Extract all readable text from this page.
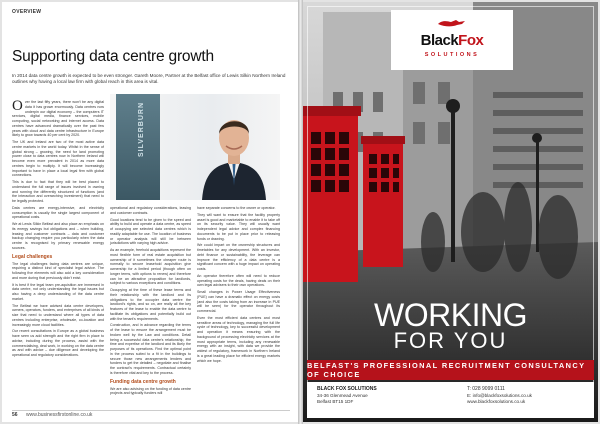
OVERVIEW
Supporting data centre growth
In 2014 data centre growth is expected to be even stronger. Gareth Moore, Partner at the Belfast office of Lewis Silkin Northern Ireland outlines why having a local law firm with global reach in this area is vital.
SILVERBURN

Over the last fifty years, there won't be any digital data it has grown enormously. Data centres now underpin our digital economy – the computers IT services, digital media, finance services, mobile computing, social networking and internet access. Data centres have advanced dramatically over the past few years with cloud and data centre infrastructure in Europe likely to grow towards 40 per cent by 2020.

The UK and Ireland are two of the most active data centre markets in the world today. Whilst in the sense of global strong – growing, the need for land promoting power close to data centres now in Northern Ireland will become even more prevalent in 2014 as more data centres begin to multiply. It will become increasingly important to have in place a local legal firm with global connections.

This is due to fact that they will be best placed to understand the full range of issues involved in owning and running the differently structured of functions (and the interaction and overarching investment) that need to be legally protected.

Data centres are energy-intensive, and electricity consumption is usually the single largest component of operational costs.

We at Lewis Silkin Belfast and also place an emphasis on its energy savings but obligations and – when building, leasing and customer contracts – data and customer backup changing require you particularly when the data centre is recognised by primary renewable energy sources.

Legal challenges

The legal challenges facing data centres are unique, requiring a distinct kind of specialist legal advice. The following five elements will also add a key consideration and more during that previously didn't exist.

It is best if the legal team pre-aquisition are immersed in data centre, not only understanding the legal issues but also having a deep understanding of the data centre market.

The Belfast we have advised data centre developers, owners, operators, funders, and enterprises of all kinds of size that need to understand where all types of data centres including enterprise, wholesale, co-location and increasingly more cloud facilities.

Our recent consultations in Europe as a global business have seen us add strength and the right firm in place to advise, including during the process, assist with the commercialising, deal work, in working on the data centre as and with advice – due diligence and developing the operational and regulatory considerations.

operational and regulatory considerations, leasing and customer contracts.

Good locations tend to be given to the speed and ability to build and operate a data centre, as speed of occupying are selected data centres which is readily adaptable for use. The location of business or operator analysis will still be between jurisdictions with varying high advice.

As an example, freehold acquisitions represent the most flexible form of real estate acquisition but ownership of it sometimes the cheaper route is normally to secure leasehold acquisition give ownership for a limited period (though often on longer terms, with options to renew) and therefore can be an attractive proposition for landlords, subject to various exceptions and conditions.

Occupying at the time of these lease terms and their relationship with the landlord and its obligations to the occupier data centre the landlord's rights, and so on, are really all the key features of the lease to enable the data centre to facilitate its obligations and potentially build out with the tenant's requirements.

Construction, and in advance regarding the terms of the lease to ensure the arrangement must be broken well by the Law and conditions. Detail being a successful data centre's relationship, the time and expertise of the landlord and its likely the purposes of its operations. Find the optimal point in the process suited to a fit in the buildings to secure those new arrangements lenders and funders to get the detailed – negotiate and finalise the contract's requirements. Contractual certainty is therefore vital and key to the process.

Funding data centre growth

We are also advising on the funding of data centre projects and typically funders will

have separate concerns to the owner or operator.

They will want to ensure that the facility property asset is good and marketable to enable it to take off on its security value. They will usually want independent legal advice and complex financing documents to be put in place prior to releasing funds or drawing.

We could impart on the ownership structures and timetables for any development. With an investor, debt finance or sustainability, the leverage can improve the efficiency of a data centre is a significant concern with a huge impact on operating costs.

An operator therefore often will need to reduce operating costs for the deals, having deals on their own legal advisers to their own operations.

Small changes in Power Usage Effectiveness (PUE) can have a dramatic effect on energy costs (and also the costs taking from an increase in PUE will be seen) for the operator throughout its commercial.

Even the most efficient data centres and most sensitive areas of technology, managing the full life cycle of technology, key to successful development and operation it means ensuring with the background of processing electricity services at the most appropriate terms, including any renewable energy with an insight, with data we provide the widest of regulatory, framework in Northern Ireland is a great leading place for efficient energy markets which we hope.

56 www.businessfirstonline.co.uk
BlackFox
SOLUTIONS
WORKING
FOR YOU
BELFAST'S PROFESSIONAL RECRUITMENT CONSULTANCY OF CHOICE
BLACK FOX SOLUTIONS
34-36 Glenmead Avenue
Belfast BT15 1DF
T: 028 9099 0111
E: info@blackfoxsolutions.co.uk
www.blackfoxsolutions.co.uk
